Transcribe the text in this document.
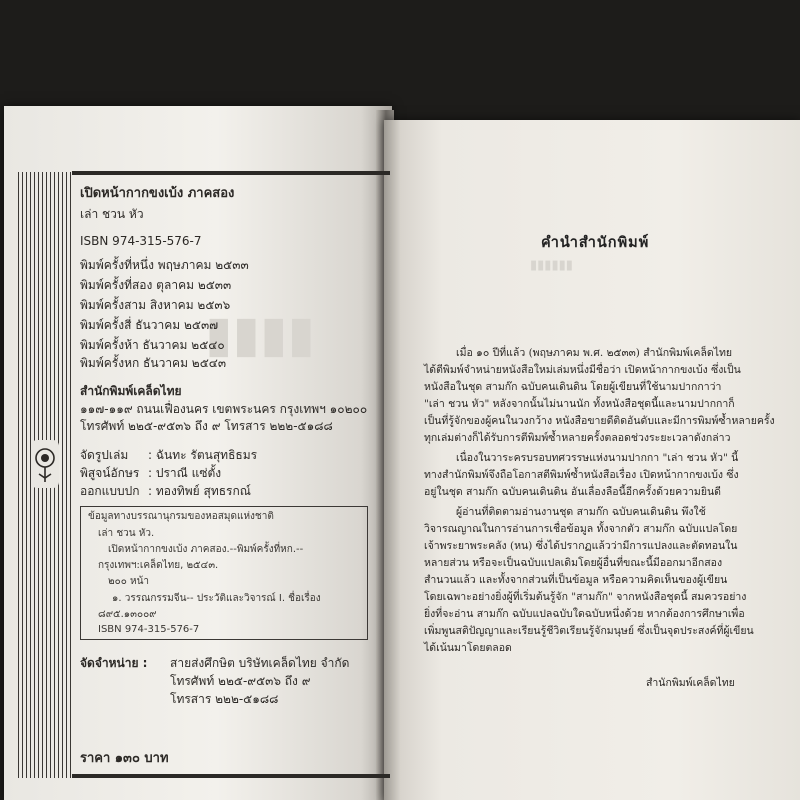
▮▮▮▮
เปิดหน้ากากขงเบ้ง ภาคสอง
เล่า ชวน หัว
ISBN 974-315-576-7
พิมพ์ครั้งที่หนึ่ง พฤษภาคม ๒๕๓๓
พิมพ์ครั้งที่สอง ตุลาคม ๒๕๓๓
พิมพ์ครั้งสาม สิงหาคม ๒๕๓๖
พิมพ์ครั้งสี่ ธันวาคม ๒๕๓๗
พิมพ์ครั้งห้า ธันวาคม ๒๕๔๐
พิมพ์ครั้งหก ธันวาคม ๒๕๔๓
สำนักพิมพ์เคล็ดไทย
๑๑๗-๑๑๙ ถนนเฟื่องนคร เขตพระนคร กรุงเทพฯ ๑๐๒๐๐
โทรศัพท์ ๒๒๕-๙๕๓๖ ถึง ๙ โทรสาร ๒๒๒-๕๑๘๘
จัดรูปเล่ม : ฉันทะ รัตนสุทธิธมร
พิสูจน์อักษร : ปราณี แซ่ตั้ง
ออกแบบปก : ทองทิพย์ สุทธรกณ์
ข้อมูลทางบรรณานุกรมของหอสมุดแห่งชาติ
เล่า ชวน หัว.
เปิดหน้ากากขงเบ้ง ภาคสอง.--พิมพ์ครั้งที่หก.--
กรุงเทพฯ:เคล็ดไทย, ๒๕๔๓.
๒๐๐ หน้า
๑. วรรณกรรมจีน-- ประวัติและวิจารณ์ I. ชื่อเรื่อง
๘๙๕.๑๓๐๐๙
ISBN 974-315-576-7
จัดจำหน่าย : สายส่งศึกษิต บริษัทเคล็ดไทย จำกัด
โทรศัพท์ ๒๒๕-๙๕๓๖ ถึง ๙
โทรสาร ๒๒๒-๕๑๘๘
ราคา ๑๓๐ บาท
▮▮▮▮▮▮
คำนำสำนักพิมพ์
เมื่อ ๑๐ ปีที่แล้ว (พฤษภาคม พ.ศ. ๒๕๓๓) สำนักพิมพ์เคล็ดไทย
ได้ตีพิมพ์จำหน่ายหนังสือใหม่เล่มหนึ่งมีชื่อว่า เปิดหน้ากากขงเบ้ง ซึ่งเป็น
หนังสือในชุด สามก๊ก ฉบับคนเดินดิน โดยผู้เขียนที่ใช้นามปากกาว่า
"เล่า ชวน หัว" หลังจากนั้นไม่นานนัก ทั้งหนังสือชุดนี้และนามปากกาก็
เป็นที่รู้จักของผู้คนในวงกว้าง หนังสือขายดีติดอันดับและมีการพิมพ์ซ้ำหลายครั้ง
ทุกเล่มต่างก็ได้รับการตีพิมพ์ซ้ำหลายครั้งตลอดช่วงระยะเวลาดังกล่าว
เนื่องในวาระครบรอบทศวรรษแห่งนามปากกา "เล่า ชวน หัว" นี้
ทางสำนักพิมพ์จึงถือโอกาสตีพิมพ์ซ้ำหนังสือเรื่อง เปิดหน้ากากขงเบ้ง ซึ่ง
อยู่ในชุด สามก๊ก ฉบับคนเดินดิน อันเลื่องลือนี้อีกครั้งด้วยความยินดี
ผู้อ่านที่ติดตามอ่านงานชุด สามก๊ก ฉบับคนเดินดิน พึงใช้
วิจารณญาณในการอ่านการเชื่อข้อมูล ทั้งจากตัว สามก๊ก ฉบับแปลโดย
เจ้าพระยาพระคลัง (หน) ซึ่งได้ปรากฏแล้วว่ามีการแปลงและตัดทอนใน
หลายส่วน หรือจะเป็นฉบับแปลเดิมโดยผู้อื่นที่ขณะนี้มีออกมาอีกสอง
สำนวนแล้ว และทั้งจากส่วนที่เป็นข้อมูล หรือความคิดเห็นของผู้เขียน
โดยเฉพาะอย่างยิ่งผู้ที่เริ่มต้นรู้จัก "สามก๊ก" จากหนังสือชุดนี้ สมควรอย่าง
ยิ่งที่จะอ่าน สามก๊ก ฉบับแปลฉบับใดฉบับหนึ่งด้วย หากต้องการศึกษาเพื่อ
เพิ่มพูนสติปัญญาและเรียนรู้ชีวิตเรียนรู้จักมนุษย์ ซึ่งเป็นจุดประสงค์ที่ผู้เขียน
ได้เน้นมาโดยตลอด
สำนักพิมพ์เคล็ดไทย
